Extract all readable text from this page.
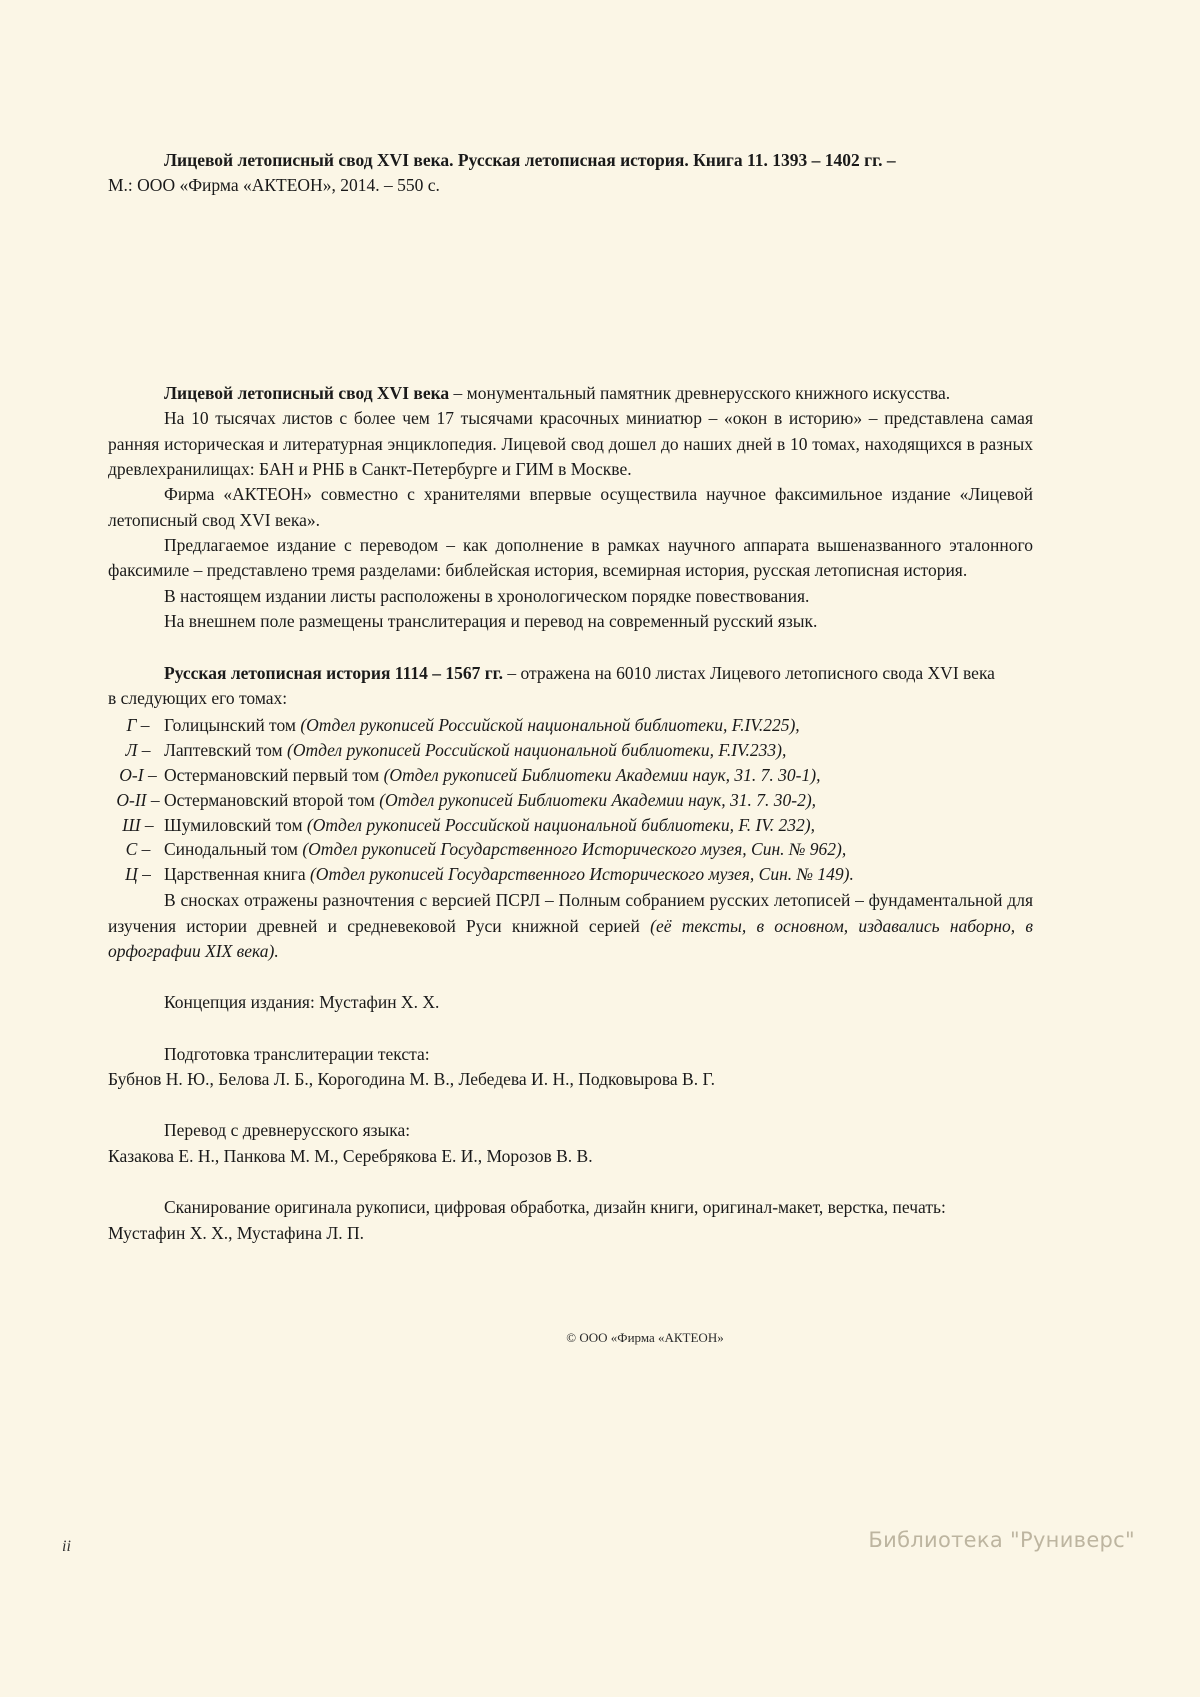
Лицевой летописный свод XVI века. Русская летописная история. Книга 11. 1393 – 1402 гг. –

М.: ООО «Фирма «АКТЕОН», 2014. – 550 с.

Лицевой летописный свод XVI века – монументальный памятник древнерусского книжного искусства.

На 10 тысячах листов с более чем 17 тысячами красочных миниатюр – «окон в историю» – представлена самая ранняя историческая и литературная энциклопедия. Лицевой свод дошел до наших дней в 10 томах, находящихся в разных древлехранилищах: БАН и РНБ в Санкт-Петербурге и ГИМ в Москве.

Фирма «АКТЕОН» совместно с хранителями впервые осуществила научное факсимильное издание «Лицевой летописный свод XVI века».

Предлагаемое издание с переводом – как дополнение в рамках научного аппарата вышеназванного эталонного факсимиле – представлено тремя разделами: библейская история, всемирная история, русская летописная история.

В настоящем издании листы расположены в хронологическом порядке повествования.

На внешнем поле размещены транслитерация и перевод на современный русский язык.

Русская летописная история 1114 – 1567 гг. – отражена на 6010 листах Лицевого летописного свода XVI века

в следующих его томах:

Г – Голицынский том (Отдел рукописей Российской национальной библиотеки, F.IV.225),
Л – Лаптевский том (Отдел рукописей Российской национальной библиотеки, F.IV.233),
О-I – Остермановский первый том (Отдел рукописей Библиотеки Академии наук, 31. 7. 30-1),
О-II – Остермановский второй том (Отдел рукописей Библиотеки Академии наук, 31. 7. 30-2),
Ш – Шумиловский том (Отдел рукописей Российской национальной библиотеки, F. IV. 232),
С – Синодальный том (Отдел рукописей Государственного Исторического музея, Син. № 962),
Ц – Царственная книга (Отдел рукописей Государственного Исторического музея, Син. № 149).

В сносках отражены разночтения с версией ПСРЛ – Полным собранием русских летописей – фундаментальной для изучения истории древней и средневековой Руси книжной серией (её тексты, в основном, издавались наборно, в орфографии XIX века).

Концепция издания: Мустафин Х. Х.

Подготовка транслитерации текста:

Бубнов Н. Ю., Белова Л. Б., Корогодина М. В., Лебедева И. Н., Подковырова В. Г.

Перевод с древнерусского языка:

Казакова Е. Н., Панкова М. М., Серебрякова Е. И., Морозов В. В.

Сканирование оригинала рукописи, цифровая обработка, дизайн книги, оригинал-макет, верстка, печать:

Мустафин Х. Х., Мустафина Л. П.

© ООО «Фирма «АКТЕОН»
ii	Библиотека "Руниверс"
